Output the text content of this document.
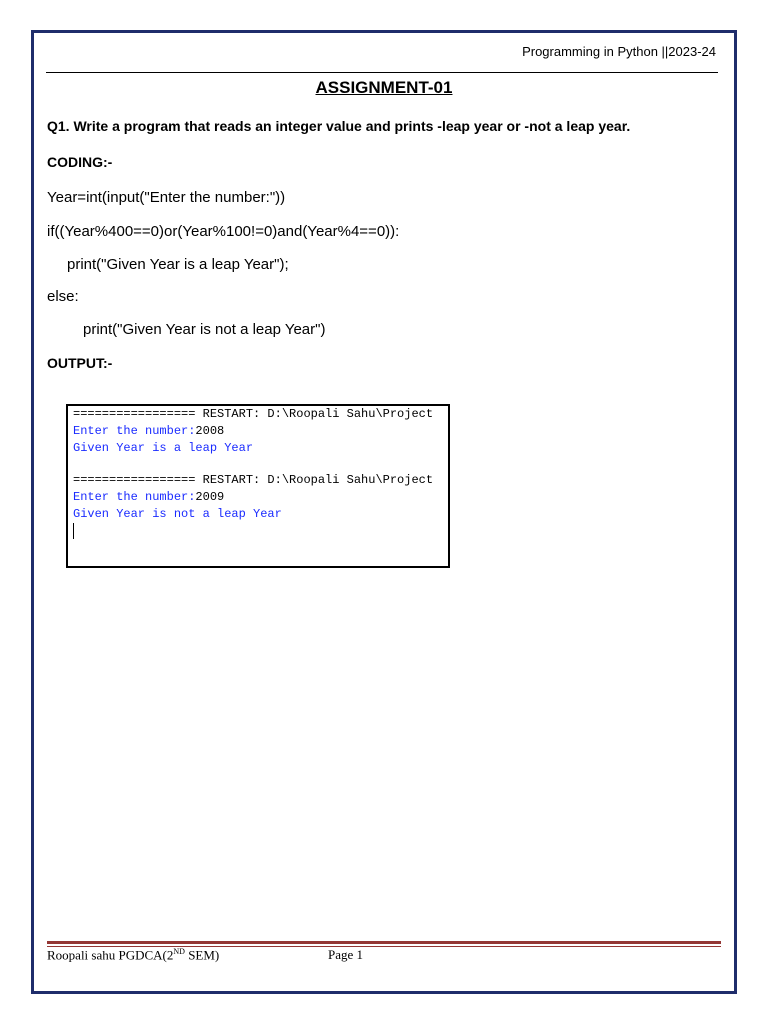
Programming in Python ||2023-24
ASSIGNMENT-01
Q1. Write a program that reads an integer value and prints -leap year or -not a leap year.
CODING:-
Year=int(input("Enter the number:"))
if((Year%400==0)or(Year%100!=0)and(Year%4==0)):
print("Given Year is a leap Year");
else:
print("Given Year is not a leap Year")
OUTPUT:-
================= RESTART: D:\Roopali Sahu\Project
Enter the number:2008
Given Year is a leap Year
================= RESTART: D:\Roopali Sahu\Project
Enter the number:2009
Given Year is not a leap Year
Roopali sahu PGDCA(2ND SEM)	Page 1
